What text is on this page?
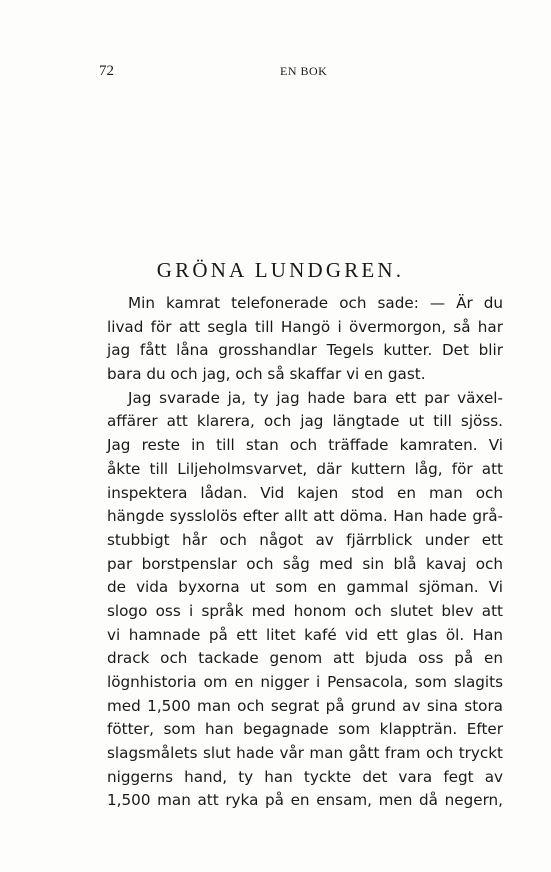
72	EN BOK
GRÖNA LUNDGREN.
Min kamrat telefonerade och sade: — Är du
livad för att segla till Hangö i övermorgon, så har
jag fått låna grosshandlar Tegels kutter. Det blir
bara du och jag, och så skaffar vi en gast.
Jag svarade ja, ty jag hade bara ett par växel-
affärer att klarera, och jag längtade ut till sjöss.
Jag reste in till stan och träffade kamraten. Vi
åkte till Liljeholmsvarvet, där kuttern låg, för att
inspektera lådan. Vid kajen stod en man och
hängde sysslolös efter allt att döma. Han hade grå-
stubbigt hår och något av fjärrblick under ett
par borstpenslar och såg med sin blå kavaj och
de vida byxorna ut som en gammal sjöman. Vi
slogo oss i språk med honom och slutet blev att
vi hamnade på ett litet kafé vid ett glas öl. Han
drack och tackade genom att bjuda oss på en
lögnhistoria om en nigger i Pensacola, som slagits
med 1,500 man och segrat på grund av sina stora
fötter, som han begagnade som klappträn. Efter
slagsmålets slut hade vår man gått fram och tryckt
niggerns hand, ty han tyckte det vara fegt av
1,500 man att ryka på en ensam, men då negern,
